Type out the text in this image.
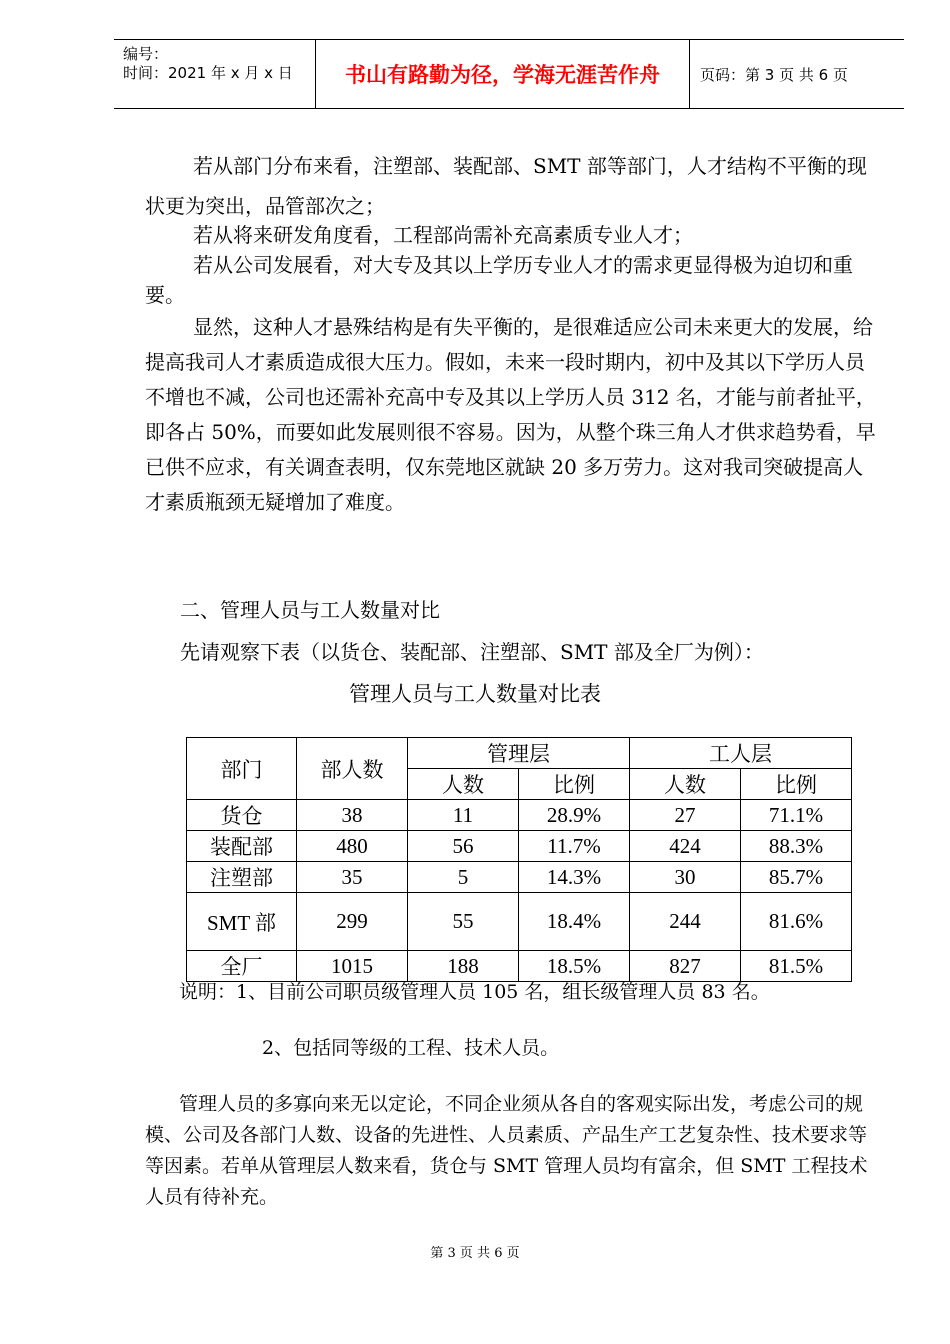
编号：
时间：2021 年 x 月 x 日	书山有路勤为径，学海无涯苦作舟	页码：第 3 页 共 6 页
若从部门分布来看，注塑部、装配部、SMT 部等部门，人才结构不平衡的现状更为突出，品管部次之；
若从将来研发角度看，工程部尚需补充高素质专业人才；
若从公司发展看，对大专及其以上学历专业人才的需求更显得极为迫切和重要。
显然，这种人才悬殊结构是有失平衡的，是很难适应公司未来更大的发展，给提高我司人才素质造成很大压力。假如，未来一段时期内，初中及其以下学历人员不增也不减，公司也还需补充高中专及其以上学历人员 312 名，才能与前者扯平，即各占 50%，而要如此发展则很不容易。因为，从整个珠三角人才供求趋势看，早已供不应求，有关调查表明，仅东莞地区就缺 20 多万劳力。这对我司突破提高人才素质瓶颈无疑增加了难度。
二、管理人员与工人数量对比
先请观察下表（以货仓、装配部、注塑部、SMT 部及全厂为例）：
管理人员与工人数量对比表
部门	部人数	管理层		工人层	
		人数	比例	人数	比例
货仓	38	11	28.9%	27	71.1%
装配部	480	56	11.7%	424	88.3%
注塑部	35	5	14.3%	30	85.7%
SMT 部	299	55	18.4%	244	81.6%
全厂	1015	188	18.5%	827	81.5%
说明：1、目前公司职员级管理人员 105 名，组长级管理人员 83 名。
2、包括同等级的工程、技术人员。
管理人员的多寡向来无以定论，不同企业须从各自的客观实际出发，考虑公司的规模、公司及各部门人数、设备的先进性、人员素质、产品生产工艺复杂性、技术要求等等因素。若单从管理层人数来看，货仓与 SMT 管理人员均有富余，但 SMT 工程技术人员有待补充。
第 3 页 共 6 页
